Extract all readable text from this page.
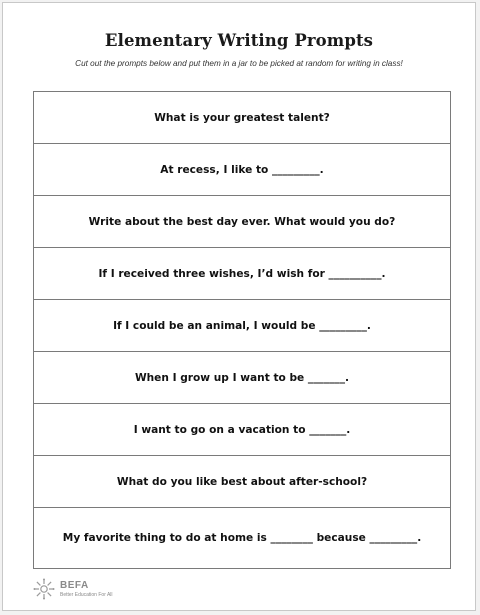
Elementary Writing Prompts
Cut out the prompts below and put them in a jar to be picked at random for writing in class!
What is your greatest talent?
At recess, I like to _________.
Write about the best day ever. What would you do?
If I received three wishes, I’d wish for __________.
If I could be an animal, I would be _________.
When I grow up I want to be _______.
I want to go on a vacation to _______.
What do you like best about after-school?
My favorite thing to do at home is ________ because _________.
BEFA
Better Education For All
